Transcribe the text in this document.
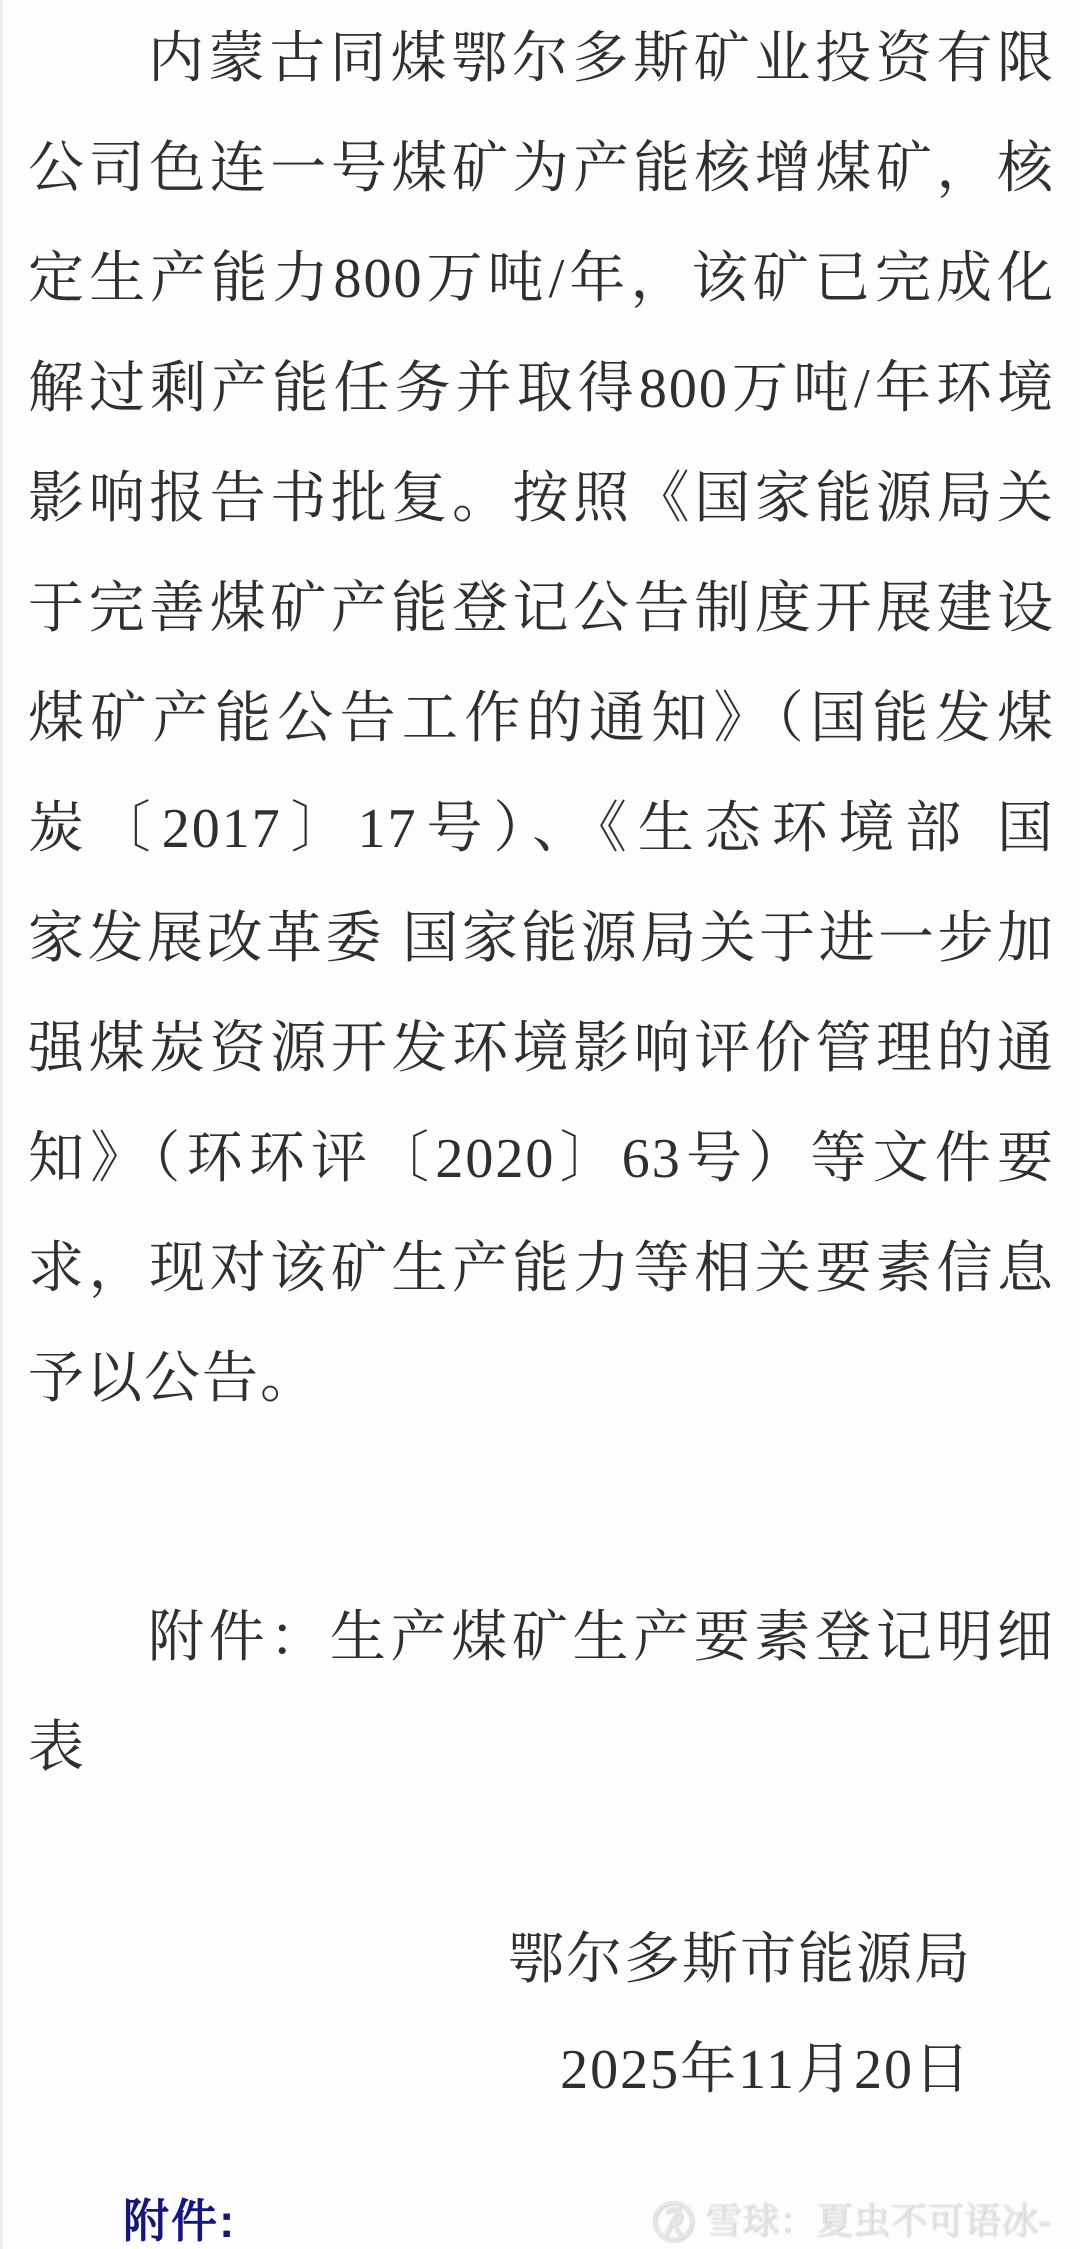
内蒙古同煤鄂尔多斯矿业投资有限
公司色连一号煤矿为产能核增煤矿，核
定生产能力800万吨/年，该矿已完成化
解过剩产能任务并取得800万吨/年环境
影响报告书批复。按照《国家能源局关
于完善煤矿产能登记公告制度开展建设
煤矿产能公告工作的通知》（国能发煤
炭〔2017〕17号）、《生态环境部 国
家发展改革委 国家能源局关于进一步加
强煤炭资源开发环境影响评价管理的通
知》（环环评〔2020〕63号）等文件要
求，现对该矿生产能力等相关要素信息
予以公告。
附件：生产煤矿生产要素登记明细
表
鄂尔多斯市能源局
2025年11月20日
附件:	雪球：夏虫不可语冰-
